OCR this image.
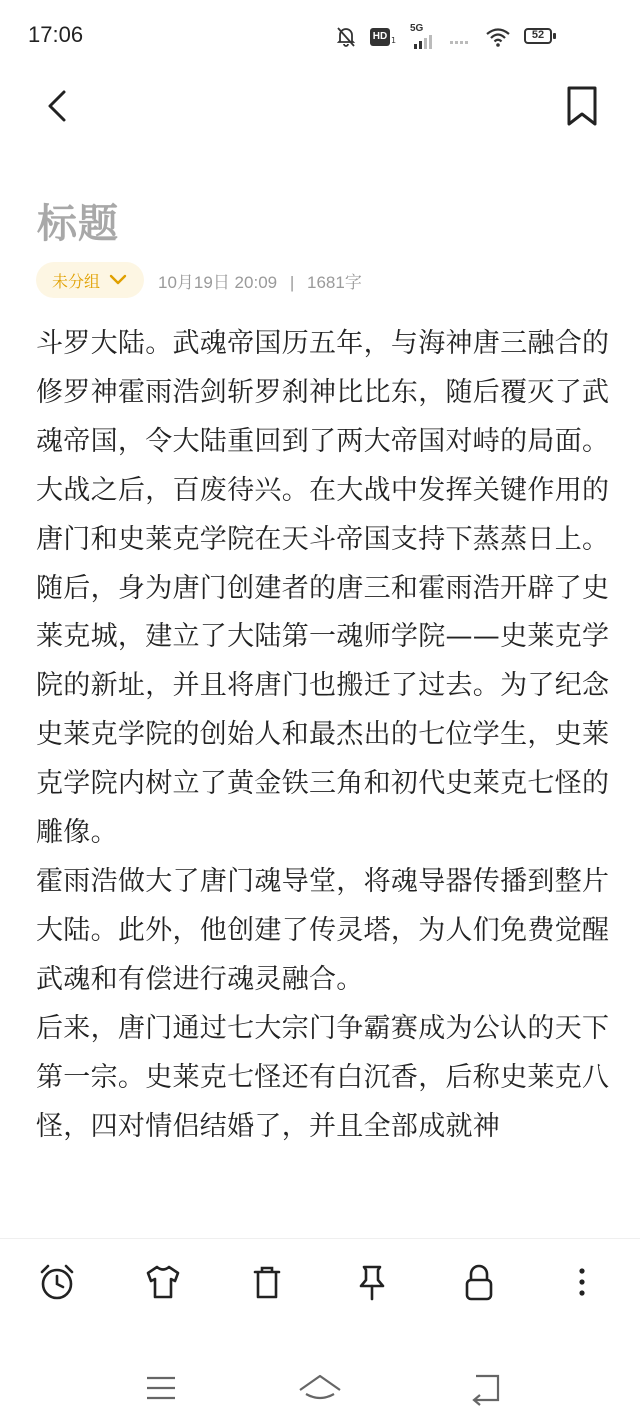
17:06	HD 1
5G
52
标题
未分组	10月19日 20:09 | 1681字

斗罗大陆。武魂帝国历五年，与海神唐三融合的修罗神霍雨浩剑斩罗刹神比比东，随后覆灭了武魂帝国，令大陆重回到了两大帝国对峙的局面。

大战之后，百废待兴。在大战中发挥关键作用的唐门和史莱克学院在天斗帝国支持下蒸蒸日上。

随后，身为唐门创建者的唐三和霍雨浩开辟了史莱克城，建立了大陆第一魂师学院——史莱克学院的新址，并且将唐门也搬迁了过去。为了纪念史莱克学院的创始人和最杰出的七位学生，史莱克学院内树立了黄金铁三角和初代史莱克七怪的雕像。

霍雨浩做大了唐门魂导堂，将魂导器传播到整片大陆。此外，他创建了传灵塔，为人们免费觉醒武魂和有偿进行魂灵融合。

后来，唐门通过七大宗门争霸赛成为公认的天下第一宗。史莱克七怪还有白沉香，后称史莱克八怪，四对情侣结婚了，并且全部成就神
